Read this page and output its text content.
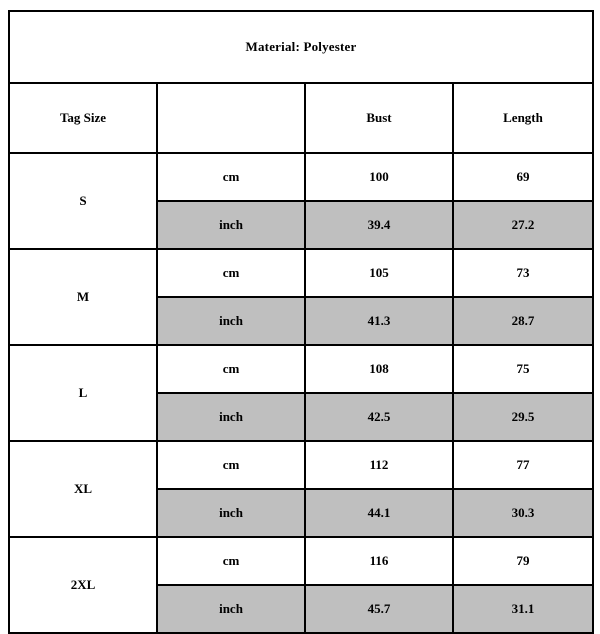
Material: Polyester			
Tag Size		Bust	Length
S	cm	100	69
	inch	39.4	27.2
M	cm	105	73
	inch	41.3	28.7
L	cm	108	75
	inch	42.5	29.5
XL	cm	112	77
	inch	44.1	30.3
2XL	cm	116	79
	inch	45.7	31.1
